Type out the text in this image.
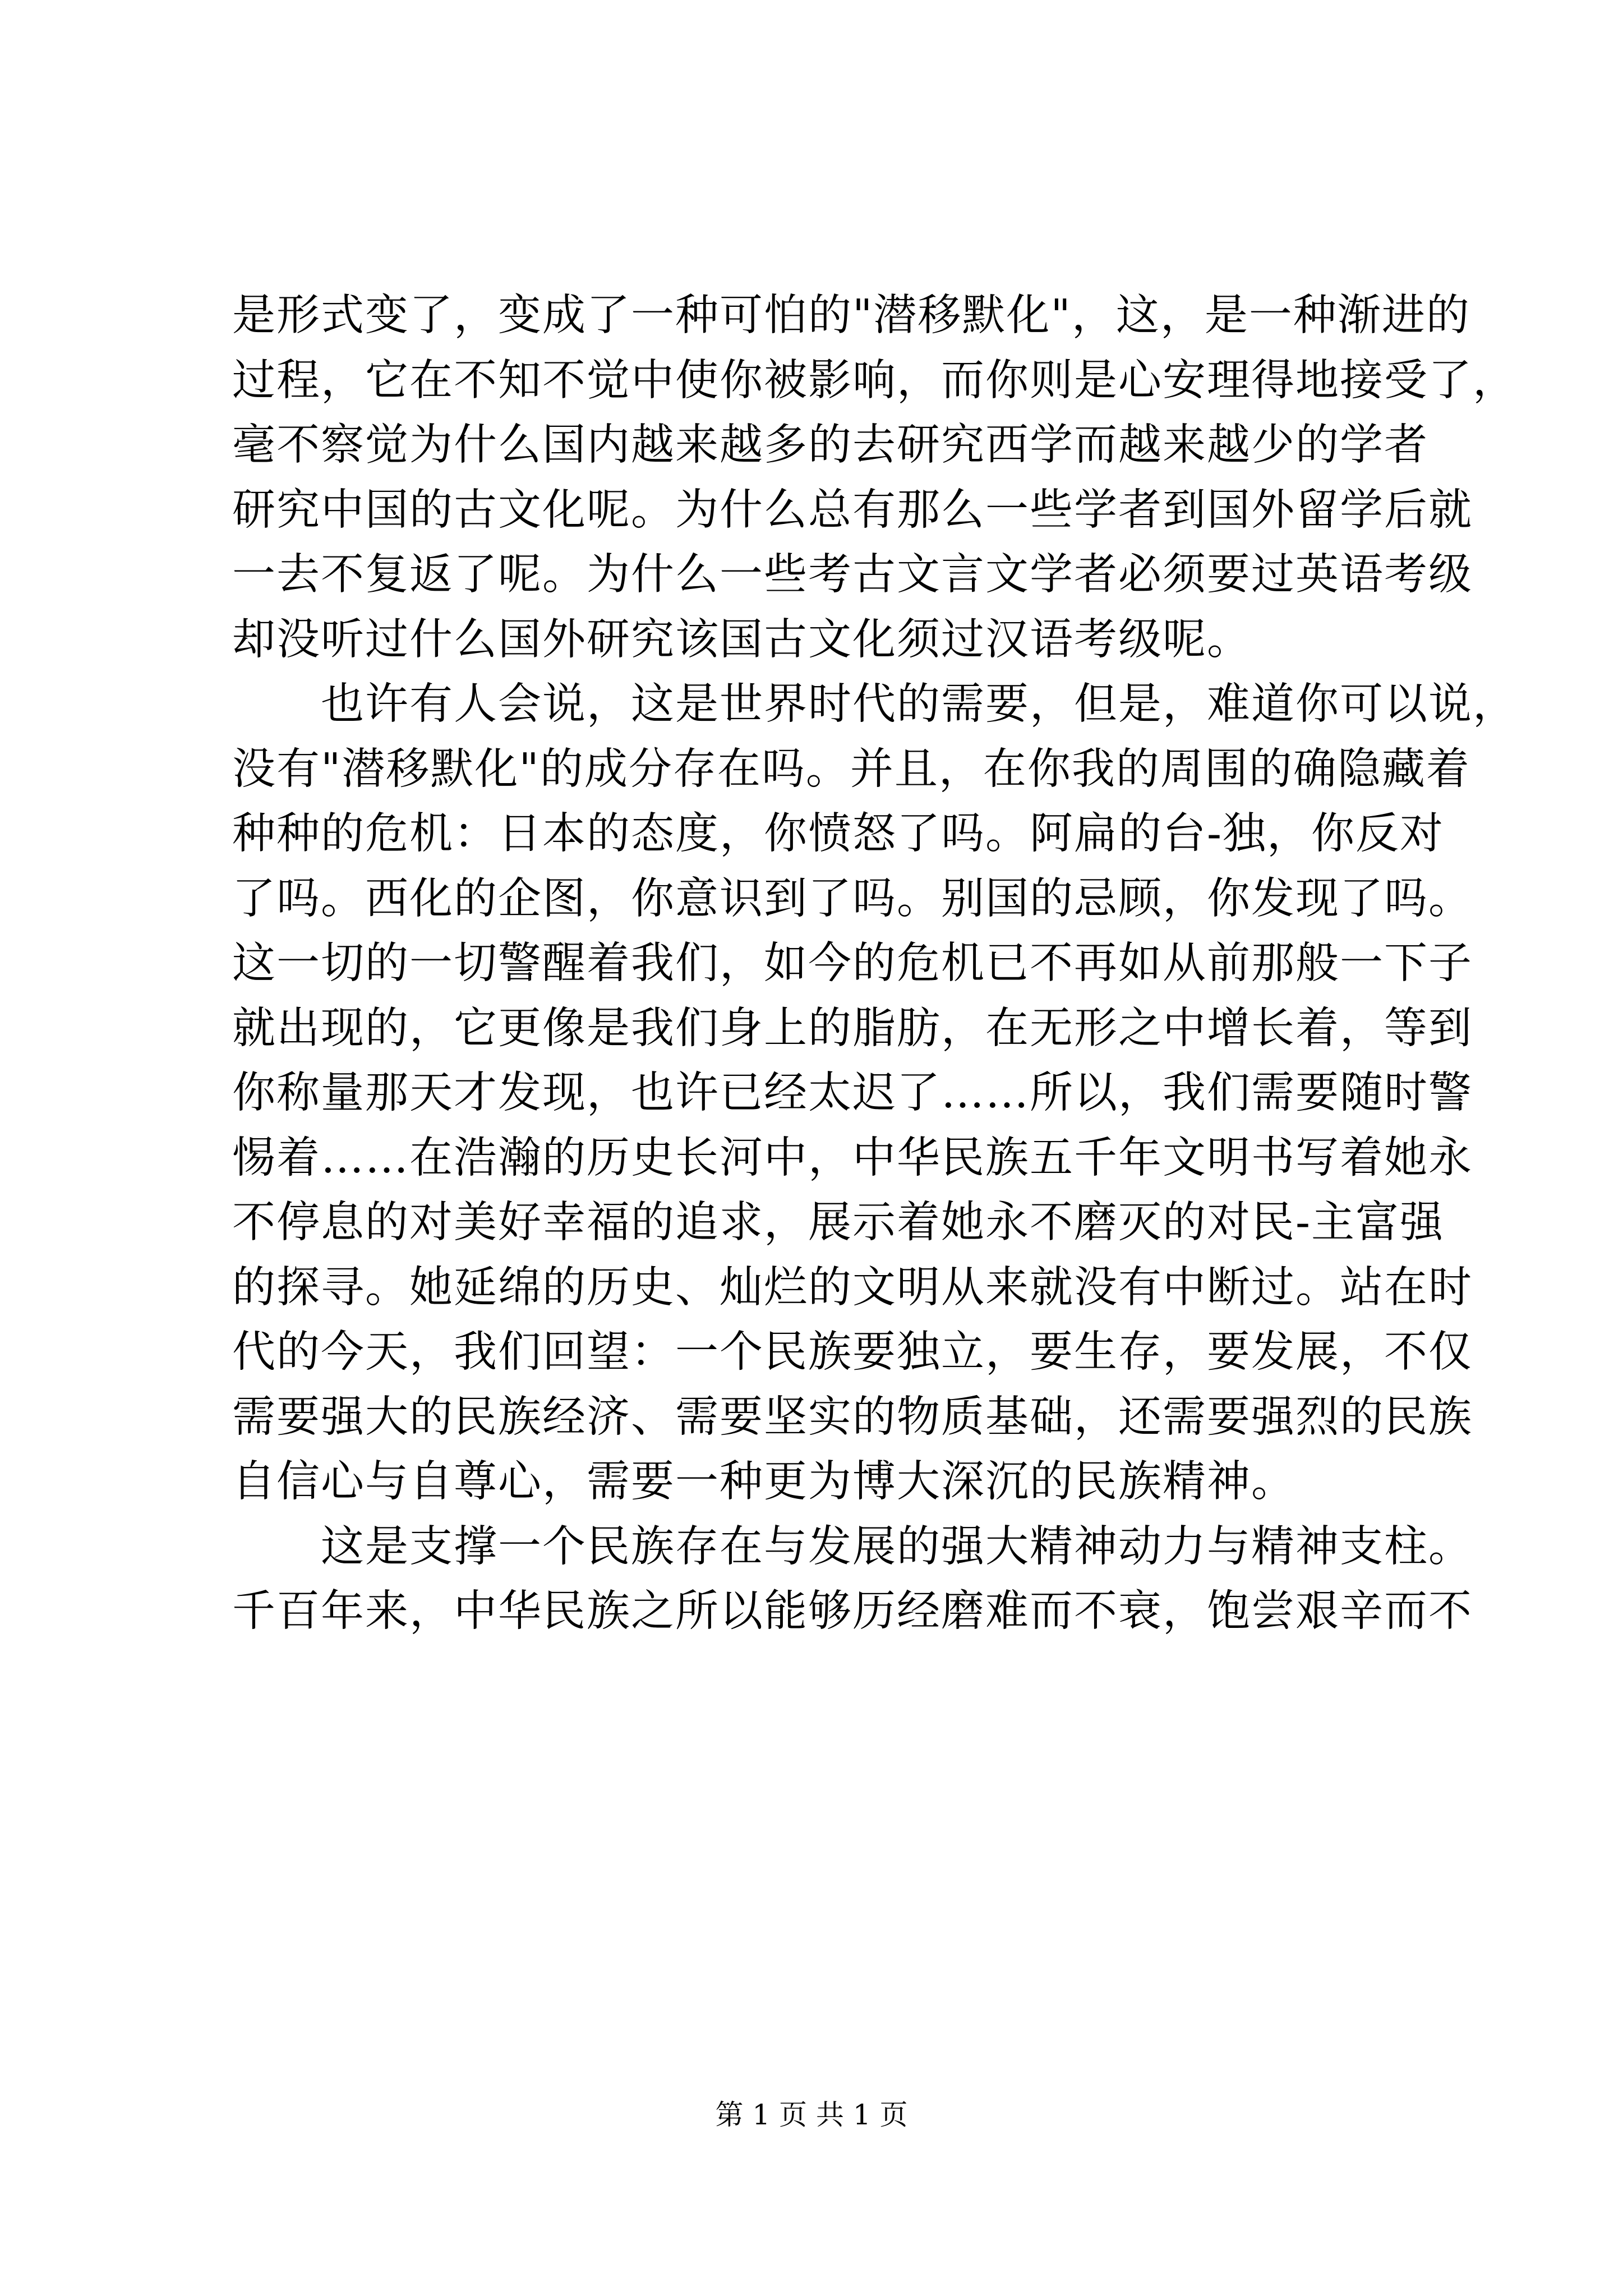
是形式变了，变成了一种可怕的"潜移默化"，这，是一种渐进的
过程，它在不知不觉中使你被影响，而你则是心安理得地接受了，
毫不察觉为什么国内越来越多的去研究西学而越来越少的学者
研究中国的古文化呢。为什么总有那么一些学者到国外留学后就
一去不复返了呢。为什么一些考古文言文学者必须要过英语考级
却没听过什么国外研究该国古文化须过汉语考级呢。
　　也许有人会说，这是世界时代的需要，但是，难道你可以说，
没有"潜移默化"的成分存在吗。并且，在你我的周围的确隐藏着
种种的危机：日本的态度，你愤怒了吗。阿扁的台-独，你反对
了吗。西化的企图，你意识到了吗。别国的忌顾，你发现了吗。
这一切的一切警醒着我们，如今的危机已不再如从前那般一下子
就出现的，它更像是我们身上的脂肪，在无形之中增长着，等到
你称量那天才发现，也许已经太迟了……所以，我们需要随时警
惕着……在浩瀚的历史长河中，中华民族五千年文明书写着她永
不停息的对美好幸福的追求，展示着她永不磨灭的对民-主富强
的探寻。她延绵的历史、灿烂的文明从来就没有中断过。站在时
代的今天，我们回望：一个民族要独立，要生存，要发展，不仅
需要强大的民族经济、需要坚实的物质基础，还需要强烈的民族
自信心与自尊心，需要一种更为博大深沉的民族精神。
　　这是支撑一个民族存在与发展的强大精神动力与精神支柱。
千百年来，中华民族之所以能够历经磨难而不衰，饱尝艰辛而不
第 1 页 共 1 页
